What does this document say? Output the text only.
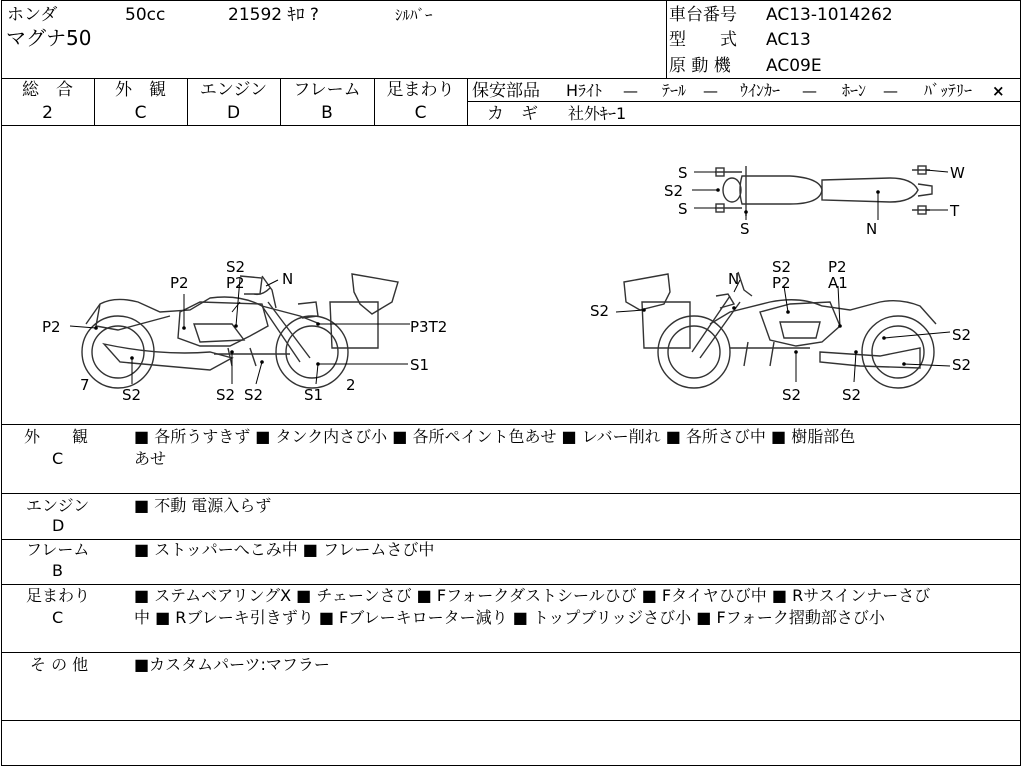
ホンダ	50cc	21592 ｷﾛ ?	ｼﾙﾊﾞｰ
マグナ50
車台番号 AC13-1014262
型　　式 AC13
原 動 機 AC09E
総　合
2
外　観
C
エンジン
D
フレーム
B
足まわり
C
保安部品 Hﾗｲﾄ — ﾃｰﾙ — ｳｲﾝｶｰ — ﾎｰﾝ — ﾊﾞｯﾃﾘｰ ×
カ　ギ 社外ｷｰ1
S
S2
S
S	N
W
T
S2
P2	N
P2
P2	P3T2
S1
7
S2	S2 S2	S1
2
N
S2 P2
P2 A1
S2
S2
S2
S2	S2
外　　観
C
■ 各所うすきず ■ タンク内さび小 ■ 各所ペイント色あせ ■ レバー削れ ■ 各所さび中 ■ 樹脂部色
あせ
エンジン
D
■ 不動 電源入らず
フレーム
B
■ ストッパーへこみ中 ■ フレームさび中
足まわり
C
■ ステムベアリングX ■ チェーンさび ■ Fフォークダストシールひび ■ Fタイヤひび中 ■ Rサスインナーさび
中 ■ Rブレーキ引きずり ■ Fブレーキローター減り ■ トップブリッジさび小 ■ Fフォーク摺動部さび小
そ の 他	■カスタムパーツ:マフラー
